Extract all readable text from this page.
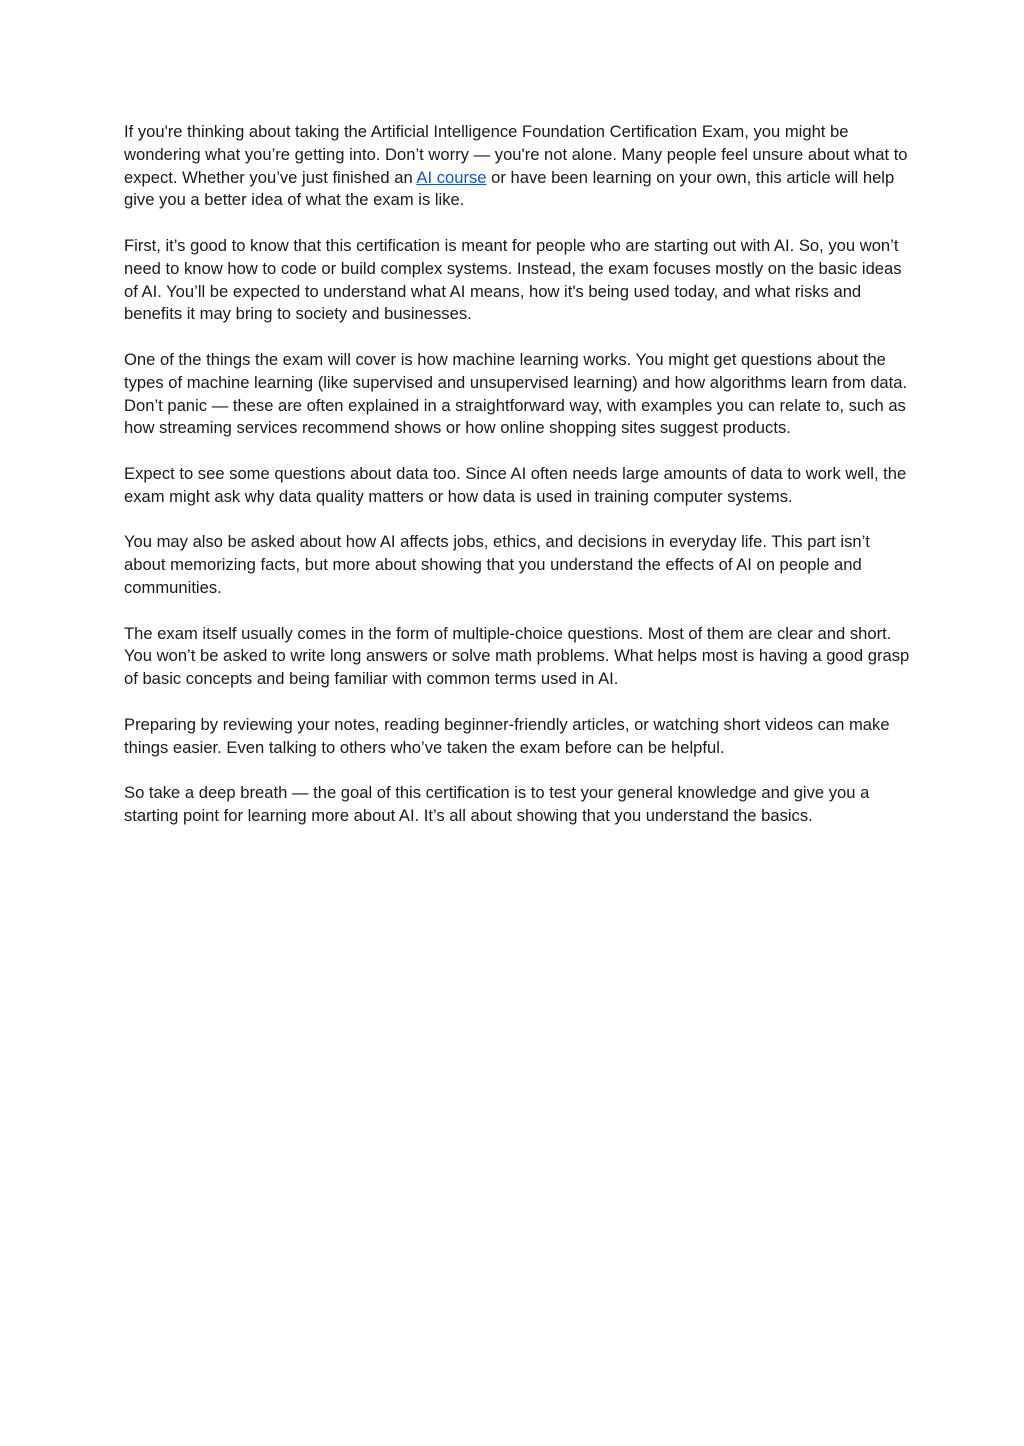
If you're thinking about taking the Artificial Intelligence Foundation Certification Exam, you might be wondering what you’re getting into. Don’t worry — you're not alone. Many people feel unsure about what to expect. Whether you’ve just finished an AI course or have been learning on your own, this article will help give you a better idea of what the exam is like.

First, it’s good to know that this certification is meant for people who are starting out with AI. So, you won’t need to know how to code or build complex systems. Instead, the exam focuses mostly on the basic ideas of AI. You’ll be expected to understand what AI means, how it's being used today, and what risks and benefits it may bring to society and businesses.

One of the things the exam will cover is how machine learning works. You might get questions about the types of machine learning (like supervised and unsupervised learning) and how algorithms learn from data. Don’t panic — these are often explained in a straightforward way, with examples you can relate to, such as how streaming services recommend shows or how online shopping sites suggest products.

Expect to see some questions about data too. Since AI often needs large amounts of data to work well, the exam might ask why data quality matters or how data is used in training computer systems.

You may also be asked about how AI affects jobs, ethics, and decisions in everyday life. This part isn’t about memorizing facts, but more about showing that you understand the effects of AI on people and communities.

The exam itself usually comes in the form of multiple-choice questions. Most of them are clear and short. You won’t be asked to write long answers or solve math problems. What helps most is having a good grasp of basic concepts and being familiar with common terms used in AI.

Preparing by reviewing your notes, reading beginner-friendly articles, or watching short videos can make things easier. Even talking to others who’ve taken the exam before can be helpful.

So take a deep breath — the goal of this certification is to test your general knowledge and give you a starting point for learning more about AI. It’s all about showing that you understand the basics.
